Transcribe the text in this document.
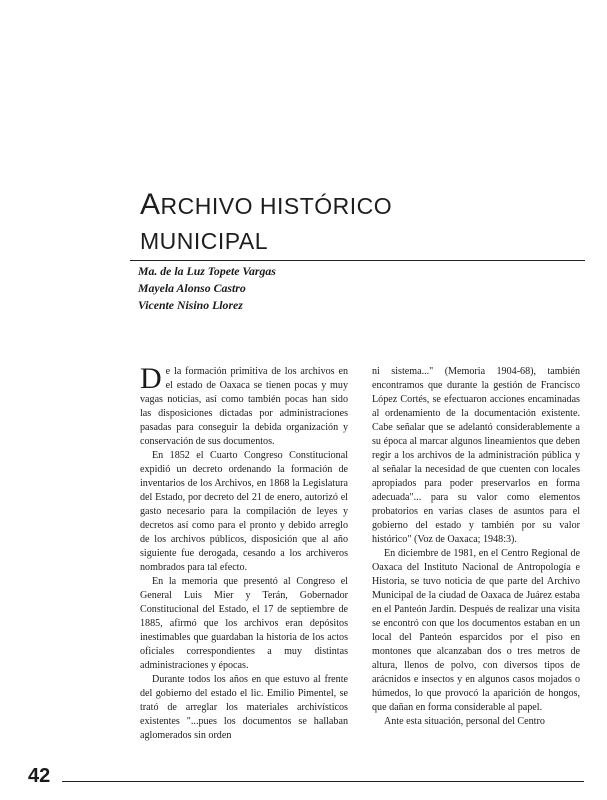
ARCHIVO HISTÓRICO
MUNICIPAL
Ma. de la Luz Topete Vargas
Mayela Alonso Castro
Vicente Nisino Llorez

De la formación primitiva de los archivos en el estado de Oaxaca se tienen pocas y muy vagas noticias, así como también pocas han sido las disposiciones dictadas por administraciones pasadas para conseguir la debida organización y conservación de sus documentos.

En 1852 el Cuarto Congreso Constitucional expidió un decreto ordenando la formación de inventarios de los Archivos, en 1868 la Legislatura del Estado, por decreto del 21 de enero, autorizó el gasto necesario para la compilación de leyes y decretos así como para el pronto y debido arreglo de los archivos públicos, disposición que al año siguiente fue derogada, cesando a los archiveros nombrados para tal efecto.

En la memoria que presentó al Congreso el General Luis Mier y Terán, Gobernador Constitucional del Estado, el 17 de septiembre de 1885, afirmó que los archivos eran depósitos inestimables que guardaban la historia de los actos oficiales correspondientes a muy distintas administraciones y épocas.

Durante todos los años en que estuvo al frente del gobierno del estado el lic. Emilio Pimentel, se trató de arreglar los materiales archivísticos existentes "...pues los documentos se hallaban aglomerados sin orden

ni sistema..." (Memoria 1904-68), también encontramos que durante la gestión de Francisco López Cortés, se efectuaron acciones encaminadas al ordenamiento de la documentación existente. Cabe señalar que se adelantó considerablemente a su época al marcar algunos lineamientos que deben regir a los archivos de la administración pública y al señalar la necesidad de que cuenten con locales apropiados para poder preservarlos en forma adecuada"... para su valor como elementos probatorios en varias clases de asuntos para el gobierno del estado y también por su valor histórico" (Voz de Oaxaca; 1948:3).

En diciembre de 1981, en el Centro Regional de Oaxaca del Instituto Nacional de Antropología e Historia, se tuvo noticia de que parte del Archivo Municipal de la ciudad de Oaxaca de Juárez estaba en el Panteón Jardín. Después de realizar una visita se encontró con que los documentos estaban en un local del Panteón esparcidos por el piso en montones que alcanzaban dos o tres metros de altura, llenos de polvo, con diversos tipos de arácnidos e insectos y en algunos casos mojados o húmedos, lo que provocó la aparición de hongos, que dañan en forma considerable al papel.

Ante esta situación, personal del Centro

42
